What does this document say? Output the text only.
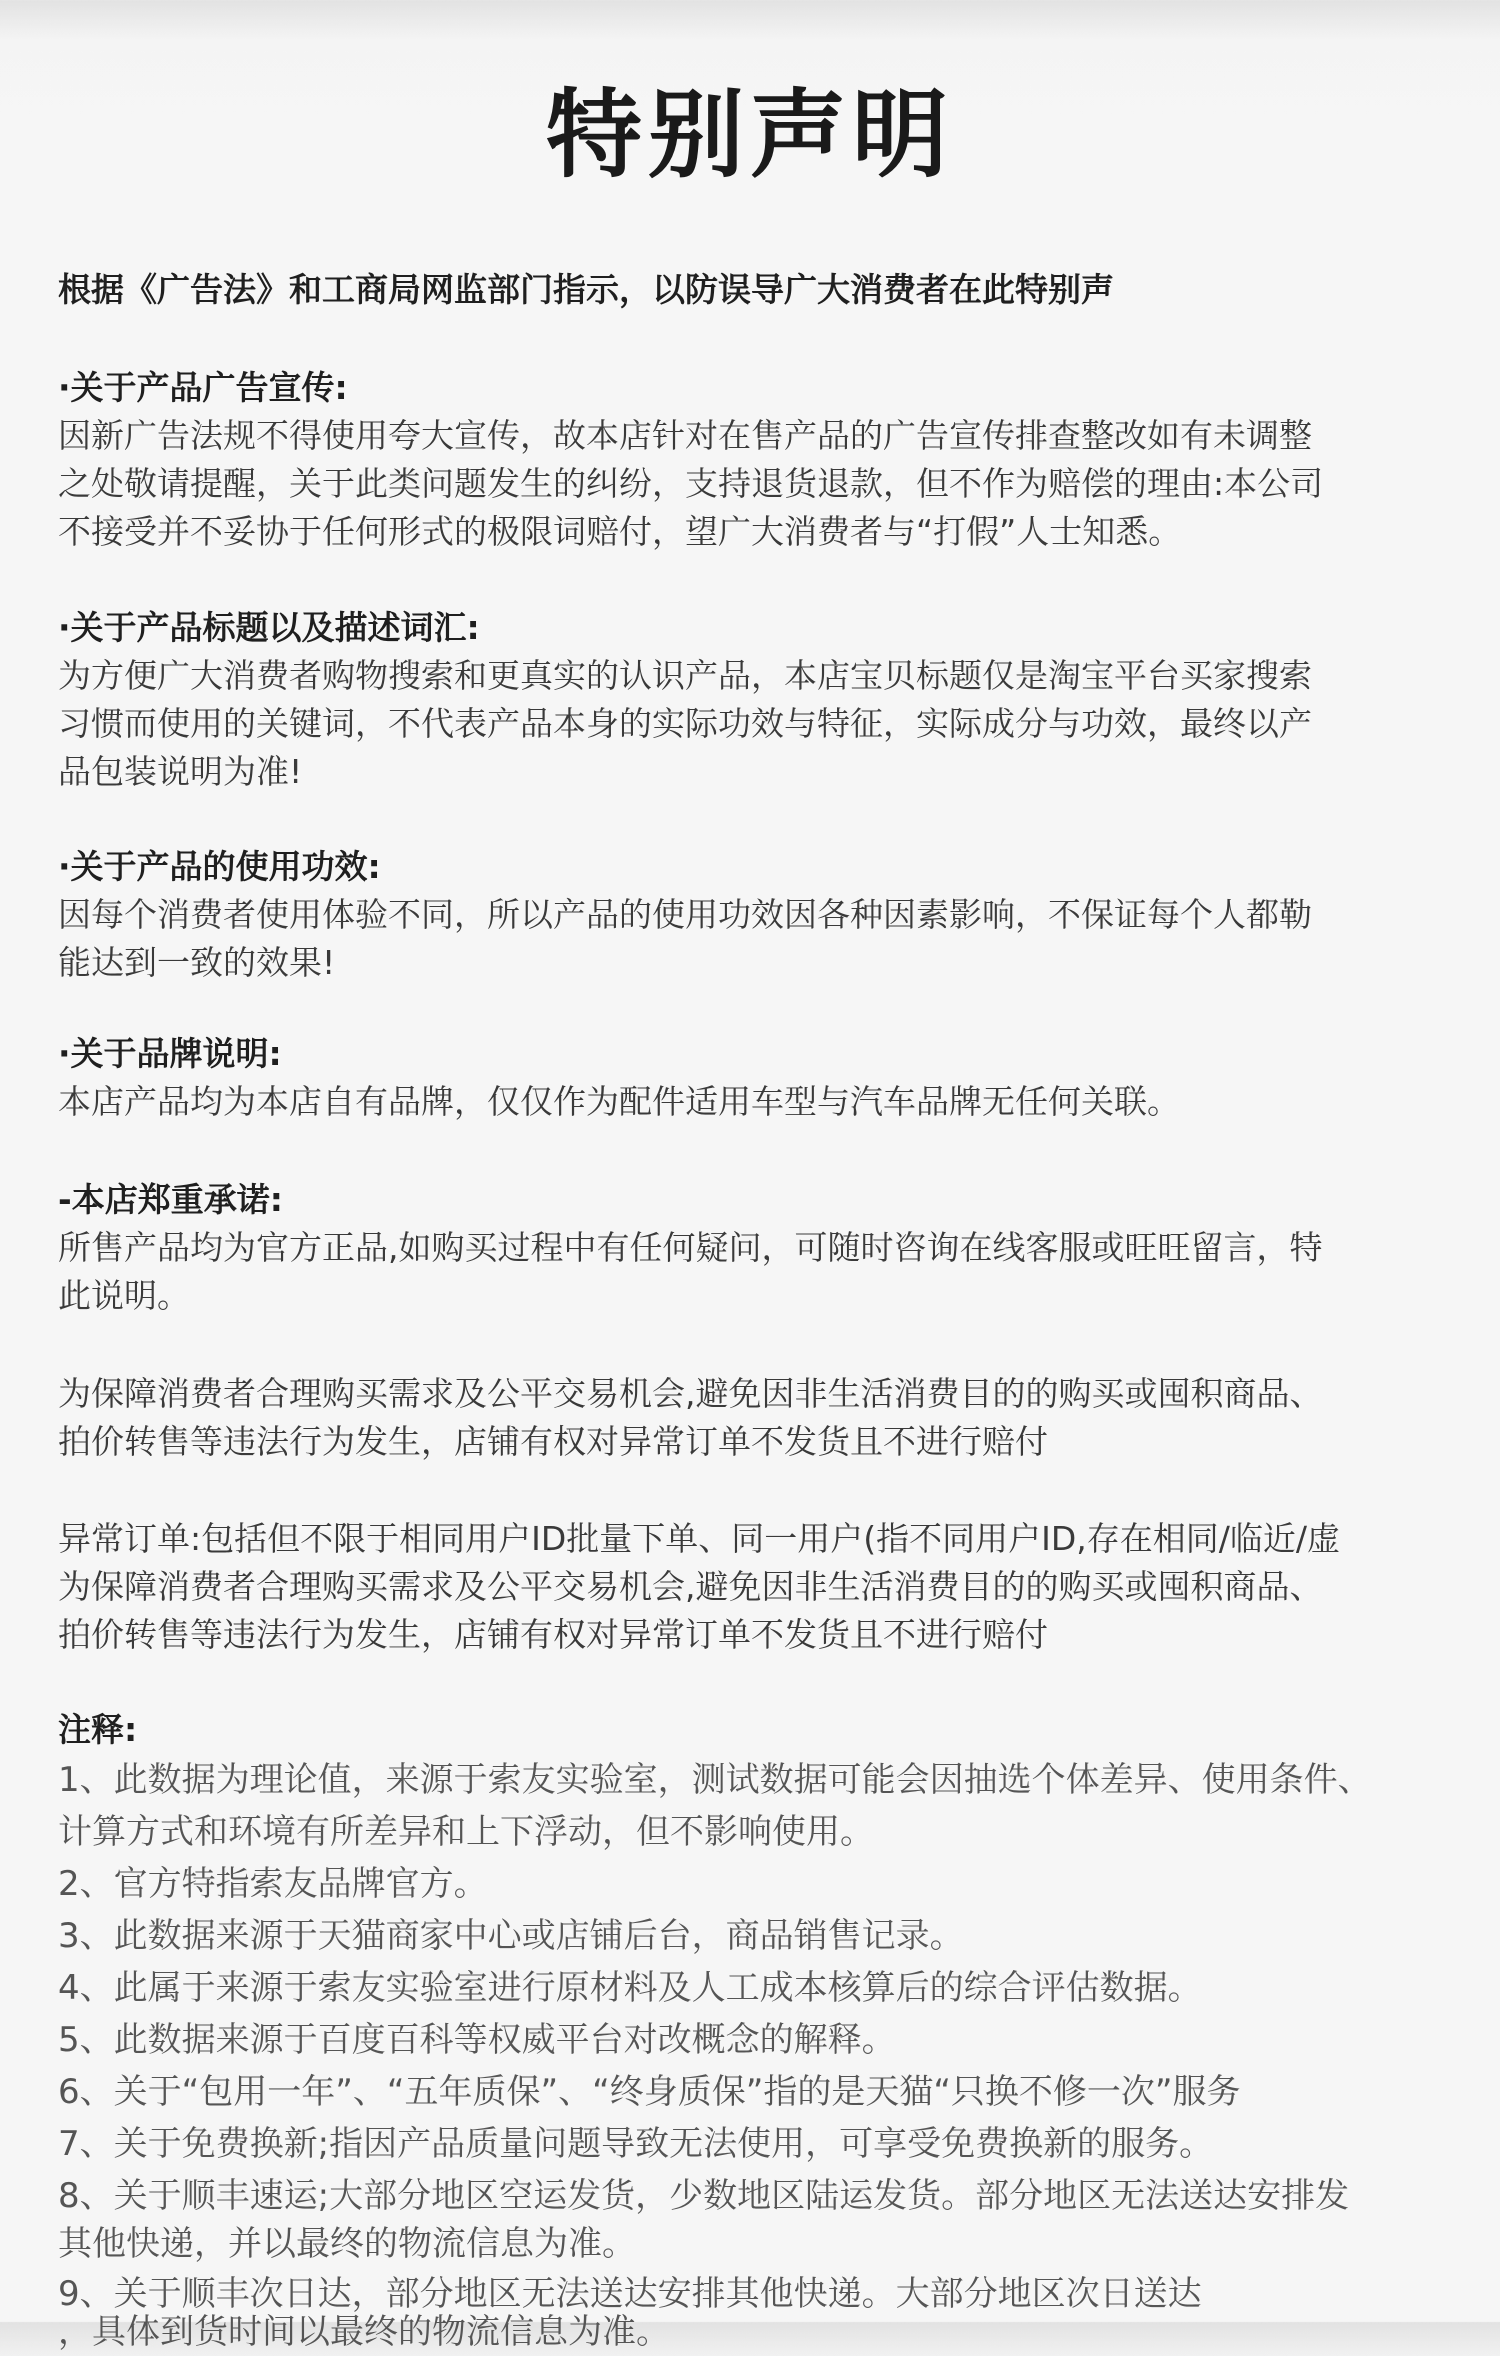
特别声明
根据《广告法》和工商局网监部门指示，以防误导广大消费者在此特别声
·关于产品广告宣传:
因新广告法规不得使用夸大宣传，故本店针对在售产品的广告宣传排查整改如有未调整
之处敬请提醒，关于此类问题发生的纠纷，支持退货退款，但不作为赔偿的理由:本公司
不接受并不妥协于任何形式的极限词赔付，望广大消费者与“打假”人士知悉。
·关于产品标题以及描述词汇:
为方便广大消费者购物搜索和更真实的认识产品，本店宝贝标题仅是淘宝平台买家搜索
习惯而使用的关键词，不代表产品本身的实际功效与特征，实际成分与功效，最终以产
品包装说明为准!
·关于产品的使用功效:
因每个消费者使用体验不同，所以产品的使用功效因各种因素影响，不保证每个人都勒
能达到一致的效果!
·关于品牌说明:
本店产品均为本店自有品牌，仅仅作为配件适用车型与汽车品牌无任何关联。
-本店郑重承诺:
所售产品均为官方正品,如购买过程中有任何疑问，可随时咨询在线客服或旺旺留言，特
此说明。
为保障消费者合理购买需求及公平交易机会,避免因非生活消费目的的购买或囤积商品、
拍价转售等违法行为发生，店铺有权对异常订单不发货且不进行赔付
异常订单:包括但不限于相同用户ID批量下单、同一用户(指不同用户ID,存在相同/临近/虚
为保障消费者合理购买需求及公平交易机会,避免因非生活消费目的的购买或囤积商品、
拍价转售等违法行为发生，店铺有权对异常订单不发货且不进行赔付
注释:
1、此数据为理论值，来源于索友实验室，测试数据可能会因抽选个体差异、使用条件、
计算方式和环境有所差异和上下浮动，但不影响使用。
2、官方特指索友品牌官方。
3、此数据来源于天猫商家中心或店铺后台，商品销售记录。
4、此属于来源于索友实验室进行原材料及人工成本核算后的综合评估数据。
5、此数据来源于百度百科等权威平台对改概念的解释。
6、关于“包用一年”、“五年质保”、“终身质保”指的是天猫“只换不修一次”服务
7、关于免费换新;指因产品质量问题导致无法使用，可享受免费换新的服务。
8、关于顺丰速运;大部分地区空运发货，少数地区陆运发货。部分地区无法送达安排发
其他快递，并以最终的物流信息为准。
9、关于顺丰次日达，部分地区无法送达安排其他快递。大部分地区次日送达
，具体到货时间以最终的物流信息为准。
